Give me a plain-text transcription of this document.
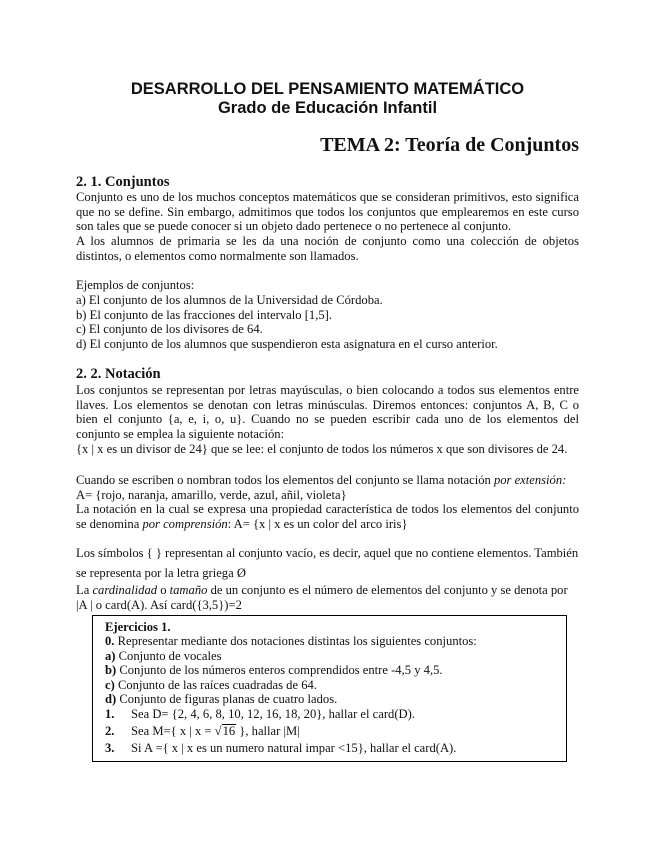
DESARROLLO DEL PENSAMIENTO MATEMÁTICO
Grado de Educación Infantil
TEMA 2: Teoría de Conjuntos
2. 1. Conjuntos
Conjunto es uno de los muchos conceptos matemáticos que se consideran primitivos, esto significa que no se define. Sin embargo, admitimos que todos los conjuntos que emplearemos en este curso son tales que se puede conocer si un objeto dado pertenece o no pertenece al conjunto.
A los alumnos de primaria se les da una noción de conjunto como una colección de objetos distintos, o elementos como normalmente son llamados.
Ejemplos de conjuntos:
a) El conjunto de los alumnos de la Universidad de Córdoba.
b) El conjunto de las fracciones del intervalo [1,5].
c) El conjunto de los divisores de 64.
d) El conjunto de los alumnos que suspendieron esta asignatura en el curso anterior.
2. 2. Notación
Los conjuntos se representan por letras mayúsculas, o bien colocando a todos sus elementos entre llaves. Los elementos se denotan con letras minúsculas. Diremos entonces: conjuntos A, B, C o bien el conjunto {a, e, i, o, u}. Cuando no se pueden escribir cada uno de los elementos del conjunto se emplea la siguiente notación:
{x | x es un divisor de 24} que se lee: el conjunto de todos los números x que son divisores de 24.
Cuando se escriben o nombran todos los elementos del conjunto se llama notación por extensión:
A= {rojo, naranja, amarillo, verde, azul, añil, violeta}
La notación en la cual se expresa una propiedad característica de todos los elementos del conjunto se denomina por comprensión: A= {x | x es un color del arco iris}
Los símbolos { } representan al conjunto vacío, es decir, aquel que no contiene elementos. También
se representa por la letra griega Ø
La cardinalidad o tamaño de un conjunto es el número de elementos del conjunto y se denota por
|A | o card(A). Así card({3,5})=2
Ejercicios 1.
0. Representar mediante dos notaciones distintas los siguientes conjuntos:
a) Conjunto de vocales
b) Conjunto de los números enteros comprendidos entre -4,5 y 4,5.
c) Conjunto de las raíces cuadradas de 64.
d) Conjunto de figuras planas de cuatro lados.
1. Sea D= {2, 4, 6, 8, 10, 12, 16, 18, 20}, hallar el card(D).
2. Sea M={ x | x = √16 }, hallar |M|
3. Si A ={ x | x es un numero natural impar <15}, hallar el card(A).
